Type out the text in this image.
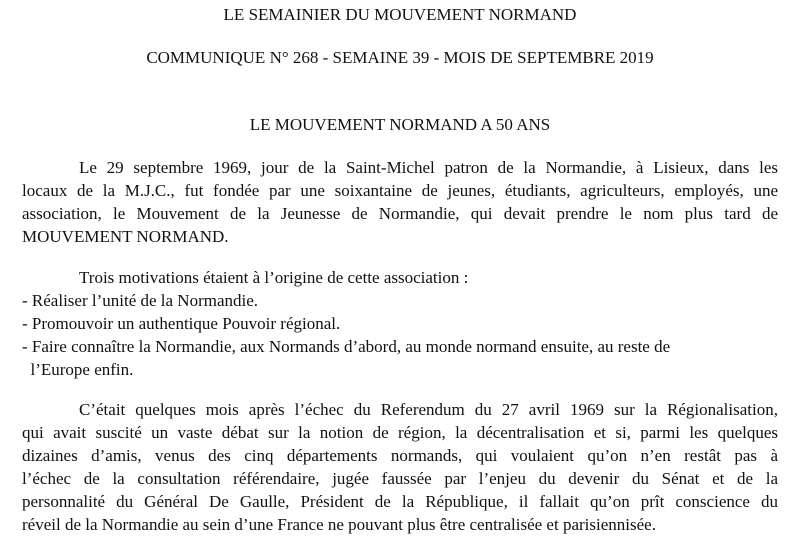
LE SEMAINIER DU MOUVEMENT NORMAND
COMMUNIQUE N° 268 - SEMAINE 39 - MOIS DE SEPTEMBRE 2019
LE MOUVEMENT NORMAND A 50 ANS
Le 29 septembre 1969, jour de la Saint-Michel patron de la Normandie, à Lisieux, dans les
locaux de la M.J.C., fut fondée par une soixantaine de jeunes, étudiants, agriculteurs, employés, une
association, le Mouvement de la Jeunesse de Normandie, qui devait prendre le nom plus tard de
MOUVEMENT NORMAND.
Trois motivations étaient à l’origine de cette association :
- Réaliser l’unité de la Normandie.
- Promouvoir un authentique Pouvoir régional.
- Faire connaître la Normandie, aux Normands d’abord, au monde normand ensuite, au reste de
l’Europe enfin.
C’était quelques mois après l’échec du Referendum du 27 avril 1969 sur la Régionalisation,
qui avait suscité un vaste débat sur la notion de région, la décentralisation et si, parmi les quelques
dizaines d’amis, venus des cinq départements normands, qui voulaient qu’on n’en restât pas à
l’échec de la consultation référendaire, jugée faussée par l’enjeu du devenir du Sénat et de la
personnalité du Général De Gaulle, Président de la République, il fallait qu’on prît conscience du
réveil de la Normandie au sein d’une France ne pouvant plus être centralisée et parisiennisée.
